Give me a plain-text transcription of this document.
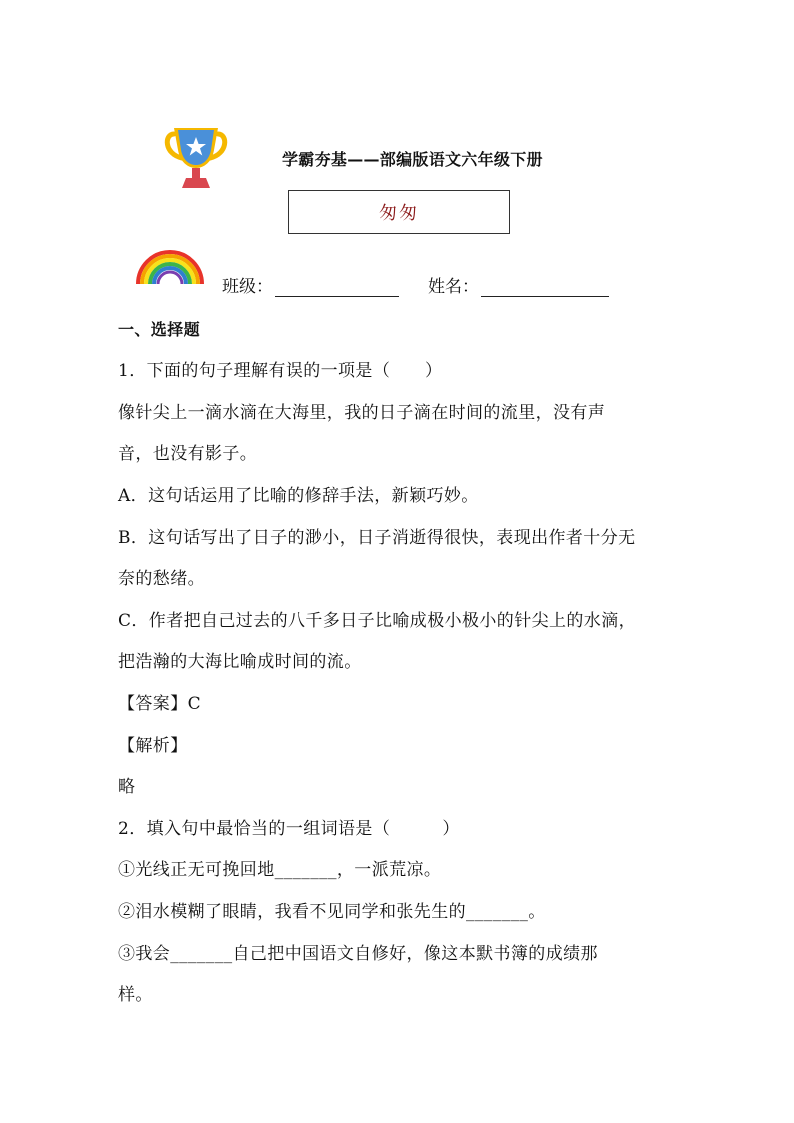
学霸夯基——部编版语文六年级下册
匆匆
班级：	姓名：
一、选择题
1．下面的句子理解有误的一项是（　　）
像针尖上一滴水滴在大海里，我的日子滴在时间的流里，没有声
音，也没有影子。
A．这句话运用了比喻的修辞手法，新颖巧妙。
B．这句话写出了日子的渺小，日子消逝得很快，表现出作者十分无
奈的愁绪。
C．作者把自己过去的八千多日子比喻成极小极小的针尖上的水滴，
把浩瀚的大海比喻成时间的流。
【答案】C
【解析】
略
2．填入句中最恰当的一组词语是（　　　）
①光线正无可挽回地_______，一派荒凉。
②泪水模糊了眼睛，我看不见同学和张先生的_______。
③我会_______自己把中国语文自修好，像这本默书簿的成绩那
样。
